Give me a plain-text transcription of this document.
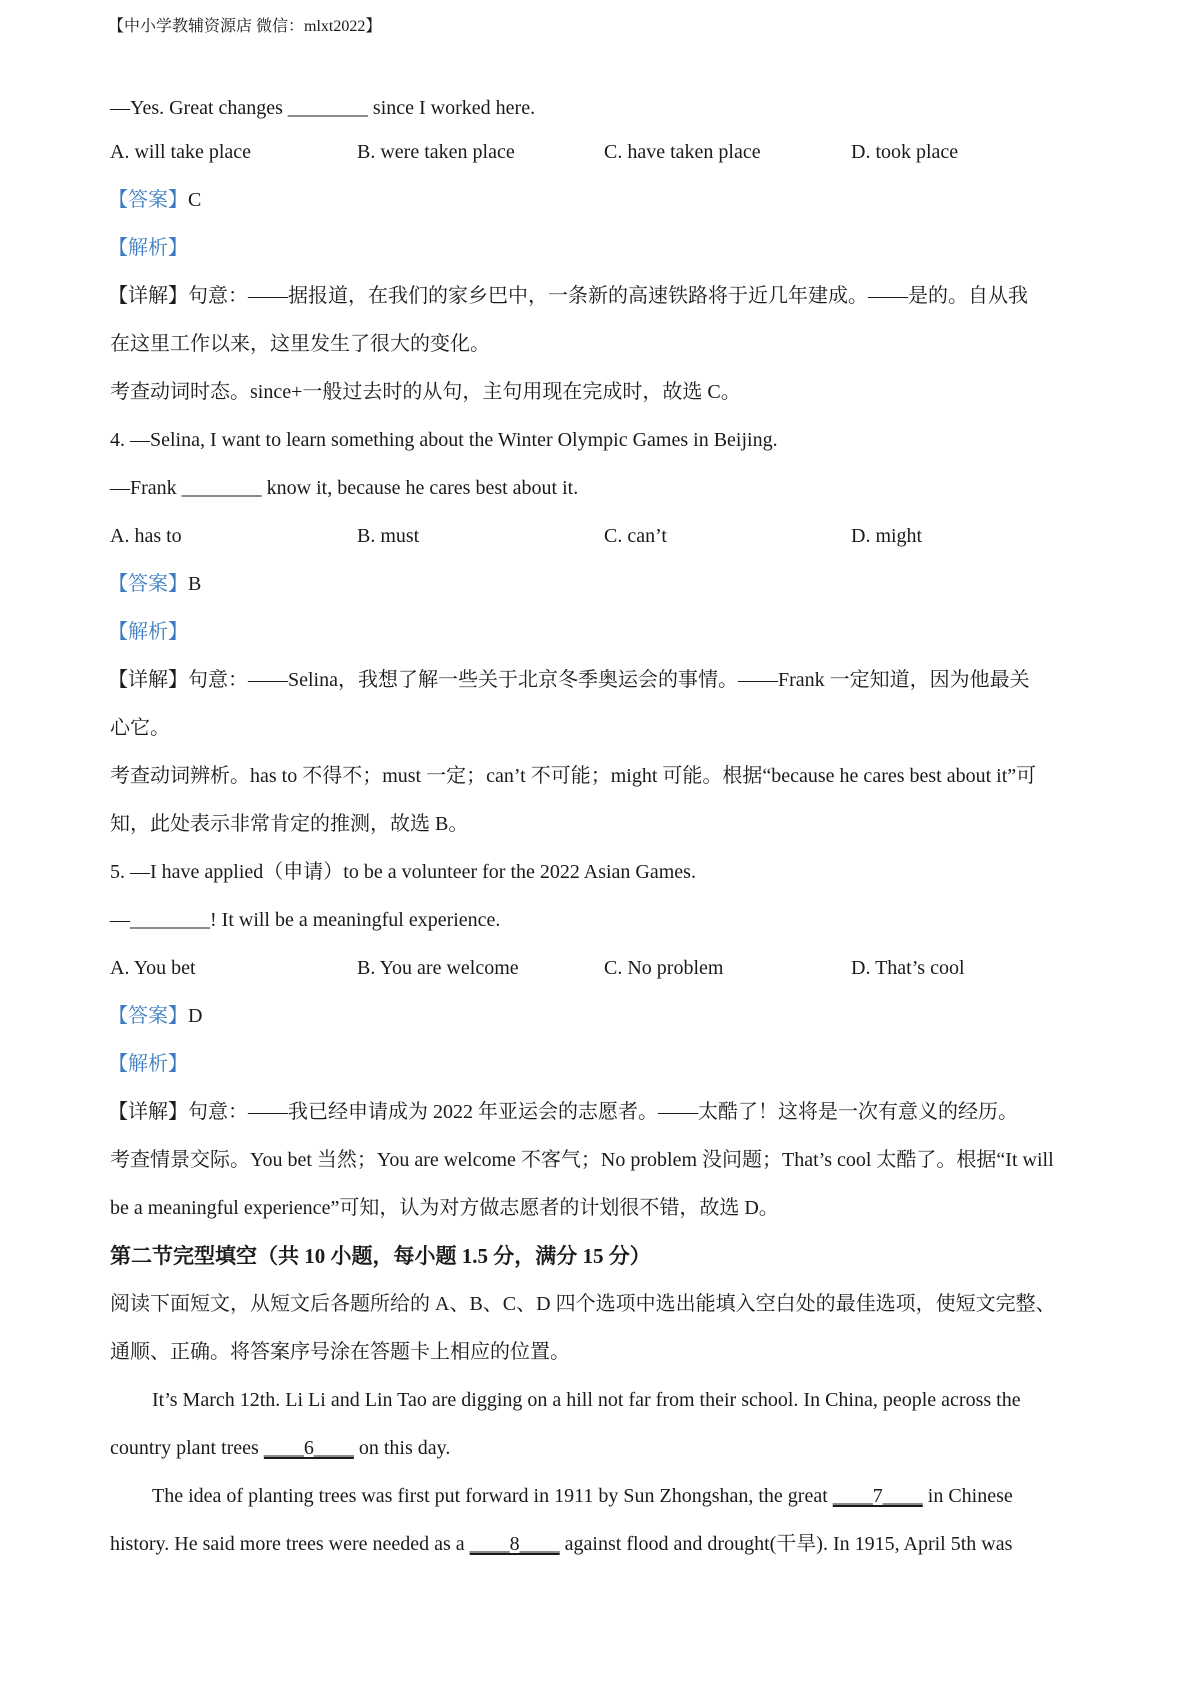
【中小学教辅资源店 微信：mlxt2022】
—Yes. Great changes ________ since I worked here.
A. will take place	B. were taken place	C. have taken place	D. took place
【答案】C
【解析】
【详解】句意：——据报道，在我们的家乡巴中，一条新的高速铁路将于近几年建成。——是的。自从我
在这里工作以来，这里发生了很大的变化。
考查动词时态。since+一般过去时的从句，主句用现在完成时，故选 C。
4. —Selina, I want to learn something about the Winter Olympic Games in Beijing.
—Frank ________ know it, because he cares best about it.
A. has to	B. must	C. can’t	D. might
【答案】B
【解析】
【详解】句意：——Selina，我想了解一些关于北京冬季奥运会的事情。——Frank 一定知道，因为他最关
心它。
考查动词辨析。has to 不得不；must 一定；can’t 不可能；might 可能。根据“because he cares best about it”可
知，此处表示非常肯定的推测，故选 B。
5. —I have applied（申请）to be a volunteer for the 2022 Asian Games.
—________! It will be a meaningful experience.
A. You bet	B. You are welcome	C. No problem	D. That’s cool
【答案】D
【解析】
【详解】句意：——我已经申请成为 2022 年亚运会的志愿者。——太酷了！这将是一次有意义的经历。
考查情景交际。You bet 当然；You are welcome 不客气；No problem 没问题；That’s cool 太酷了。根据“It will
be a meaningful experience”可知，认为对方做志愿者的计划很不错，故选 D。
第二节完型填空（共 10 小题，每小题 1.5 分，满分 15 分）
阅读下面短文，从短文后各题所给的 A、B、C、D 四个选项中选出能填入空白处的最佳选项，使短文完整、
通顺、正确。将答案序号涂在答题卡上相应的位置。
It’s March 12th. Li Li and Lin Tao are digging on a hill not far from their school. In China, people across the
country plant trees ____6____ on this day.
The idea of planting trees was first put forward in 1911 by Sun Zhongshan, the great ____7____ in Chinese
history. He said more trees were needed as a ____8____ against flood and drought(干旱). In 1915, April 5th was
